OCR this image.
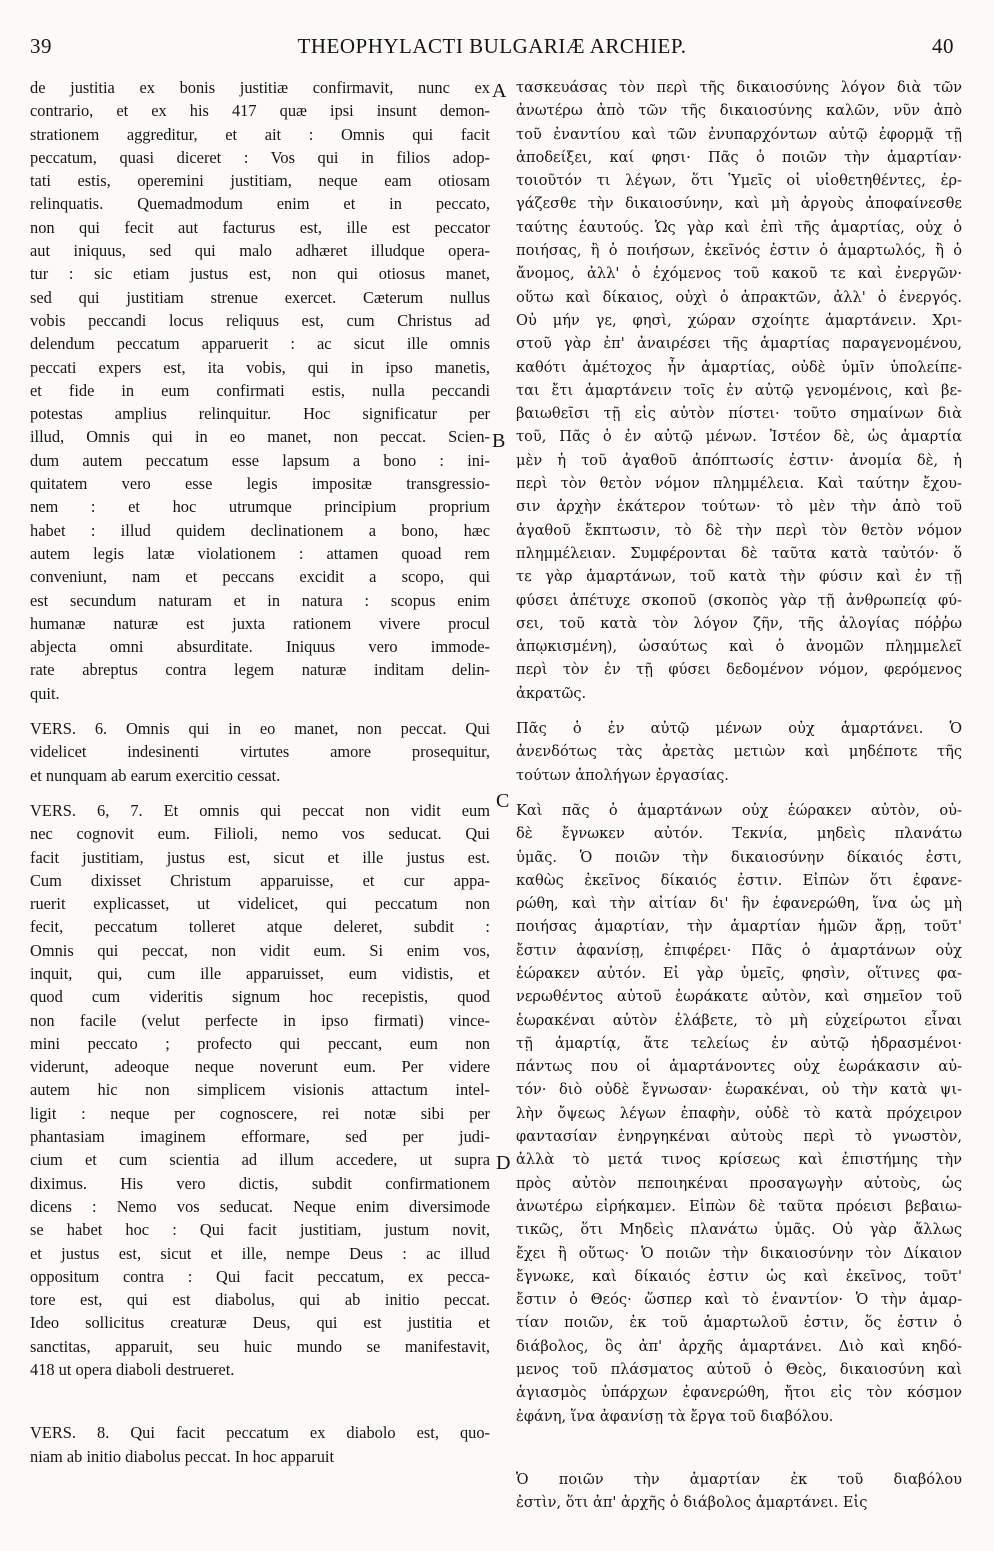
39	THEOPHYLACTI BULGARIÆ ARCHIEP.	40
de justitia ex bonis justitiæ confirmavit, nunc ex
contrario, et ex his 417 quæ ipsi insunt demon-
strationem aggreditur, et ait : Omnis qui facit
peccatum, quasi diceret : Vos qui in filios adop-
tati estis, operemini justitiam, neque eam otiosam
relinquatis. Quemadmodum enim et in peccato,
non qui fecit aut facturus est, ille est peccator
aut iniquus, sed qui malo adhæret illudque opera-
tur : sic etiam justus est, non qui otiosus manet,
sed qui justitiam strenue exercet. Cæterum nullus
vobis peccandi locus reliquus est, cum Christus ad
delendum peccatum apparuerit : ac sicut ille omnis
peccati expers est, ita vobis, qui in ipso manetis,
et fide in eum confirmati estis, nulla peccandi
potestas amplius relinquitur. Hoc significatur per
illud, Omnis qui in eo manet, non peccat. Scien-
dum autem peccatum esse lapsum a bono : ini-
quitatem vero esse legis impositæ transgressio-
nem : et hoc utrumque principium proprium
habet : illud quidem declinationem a bono, hæc
autem legis latæ violationem : attamen quoad rem
conveniunt, nam et peccans excidit a scopo, qui
est secundum naturam et in natura : scopus enim
humanæ naturæ est juxta rationem vivere procul
abjecta omni absurditate. Iniquus vero immode-
rate abreptus contra legem naturæ inditam delin-
quit.
VERS. 6. Omnis qui in eo manet, non peccat. Qui
videlicet indesinenti virtutes amore prosequitur,
et nunquam ab earum exercitio cessat.
VERS. 6, 7. Et omnis qui peccat non vidit eum
nec cognovit eum. Filioli, nemo vos seducat. Qui
facit justitiam, justus est, sicut et ille justus est.
Cum dixisset Christum apparuisse, et cur appa-
ruerit explicasset, ut videlicet, qui peccatum non
fecit, peccatum tolleret atque deleret, subdit :
Omnis qui peccat, non vidit eum. Si enim vos,
inquit, qui, cum ille apparuisset, eum vidistis, et
quod cum videritis signum hoc recepistis, quod
non facile (velut perfecte in ipso firmati) vince-
mini peccato ; profecto qui peccant, eum non
viderunt, adeoque neque noverunt eum. Per videre
autem hic non simplicem visionis attactum intel-
ligit : neque per cognoscere, rei notæ sibi per
phantasiam imaginem efformare, sed per judi-
cium et cum scientia ad illum accedere, ut supra
diximus. His vero dictis, subdit confirmationem
dicens : Nemo vos seducat. Neque enim diversimode
se habet hoc : Qui facit justitiam, justum novit,
et justus est, sicut et ille, nempe Deus : ac illud
oppositum contra : Qui facit peccatum, ex pecca-
tore est, qui est diabolus, qui ab initio peccat.
Ideo sollicitus creaturæ Deus, qui est justitia et
sanctitas, apparuit, seu huic mundo se manifestavit,
418 ut opera diaboli destrueret.
VERS. 8. Qui facit peccatum ex diabolo est, quo-
niam ab initio diabolus peccat. In hoc apparuit
τασκευάσας τὸν περὶ τῆς δικαιοσύνης λόγον διὰ τῶν
ἀνωτέρω ἀπὸ τῶν τῆς δικαιοσύνης καλῶν, νῦν ἀπὸ
τοῦ ἐναντίου καὶ τῶν ἐνυπαρχόντων αὐτῷ ἐφορμᾷ τῇ
ἀποδείξει, καί φησι· Πᾶς ὁ ποιῶν τὴν ἁμαρτίαν·
τοιοῦτόν τι λέγων, ὅτι Ὑμεῖς οἱ υἱοθετηθέντες, ἐρ-
γάζεσθε τὴν δικαιοσύνην, καὶ μὴ ἀργοὺς ἀποφαίνεσθε
ταύτης ἑαυτούς. Ὡς γὰρ καὶ ἐπὶ τῆς ἁμαρτίας, οὐχ ὁ
ποιήσας, ἢ ὁ ποιήσων, ἐκεῖνός ἐστιν ὁ ἁμαρτωλός, ἢ ὁ
ἄνομος, ἀλλ' ὁ ἐχόμενος τοῦ κακοῦ τε καὶ ἐνεργῶν·
οὕτω καὶ δίκαιος, οὐχὶ ὁ ἀπρακτῶν, ἀλλ' ὁ ἐνεργός.
Οὐ μήν γε, φησὶ, χώραν σχοίητε ἁμαρτάνειν. Χρι-
στοῦ γὰρ ἐπ' ἀναιρέσει τῆς ἁμαρτίας παραγενομένου,
καθότι ἀμέτοχος ἦν ἁμαρτίας, οὐδὲ ὑμῖν ὑπολείπε-
ται ἔτι ἁμαρτάνειν τοῖς ἐν αὐτῷ γενομένοις, καὶ βε-
βαιωθεῖσι τῇ εἰς αὐτὸν πίστει· τοῦτο σημαίνων διὰ
τοῦ, Πᾶς ὁ ἐν αὐτῷ μένων. Ἰστέον δὲ, ὡς ἁμαρτία
μὲν ἡ τοῦ ἀγαθοῦ ἀπόπτωσίς ἐστιν· ἀνομία δὲ, ἡ
περὶ τὸν θετὸν νόμον πλημμέλεια. Καὶ ταύτην ἔχου-
σιν ἀρχὴν ἑκάτερον τούτων· τὸ μὲν τὴν ἀπὸ τοῦ
ἀγαθοῦ ἔκπτωσιν, τὸ δὲ τὴν περὶ τὸν θετὸν νόμον
πλημμέλειαν. Συμφέρονται δὲ ταῦτα κατὰ ταὐτόν· ὅ
τε γὰρ ἁμαρτάνων, τοῦ κατὰ τὴν φύσιν καὶ ἐν τῇ
φύσει ἀπέτυχε σκοποῦ (σκοπὸς γὰρ τῇ ἀνθρωπείᾳ φύ-
σει, τοῦ κατὰ τὸν λόγον ζῆν, τῆς ἀλογίας πόῤῥω
ἀπῳκισμένη), ὡσαύτως καὶ ὁ ἀνομῶν πλημμελεῖ
περὶ τὸν ἐν τῇ φύσει δεδομένον νόμον, φερόμενος
ἀκρατῶς.
Πᾶς ὁ ἐν αὐτῷ μένων οὐχ ἁμαρτάνει. Ὁ
ἀνενδότως τὰς ἀρετὰς μετιὼν καὶ μηδέποτε τῆς
τούτων ἀπολήγων ἐργασίας.
Καὶ πᾶς ὁ ἁμαρτάνων οὐχ ἑώρακεν αὐτὸν, οὐ-
δὲ ἔγνωκεν αὐτόν. Τεκνία, μηδεὶς πλανάτω
ὑμᾶς. Ὁ ποιῶν τὴν δικαιοσύνην δίκαιός ἐστι,
καθὼς ἐκεῖνος δίκαιός ἐστιν. Εἰπὼν ὅτι ἐφανε-
ρώθη, καὶ τὴν αἰτίαν δι' ἣν ἐφανερώθη, ἵνα ὡς μὴ
ποιήσας ἁμαρτίαν, τὴν ἁμαρτίαν ἡμῶν ἄρῃ, τοῦτ'
ἔστιν ἀφανίσῃ, ἐπιφέρει· Πᾶς ὁ ἁμαρτάνων οὐχ
ἑώρακεν αὐτόν. Εἰ γὰρ ὑμεῖς, φησὶν, οἵτινες φα-
νερωθέντος αὐτοῦ ἑωράκατε αὐτὸν, καὶ σημεῖον τοῦ
ἑωρακέναι αὐτὸν ἐλάβετε, τὸ μὴ εὐχείρωτοι εἶναι
τῇ ἁμαρτίᾳ, ἅτε τελείως ἐν αὐτῷ ἡδρασμένοι·
πάντως που οἱ ἁμαρτάνοντες οὐχ ἑωράκασιν αὐ-
τόν· διὸ οὐδὲ ἔγνωσαν· ἑωρακέναι, οὐ τὴν κατὰ ψι-
λὴν ὄψεως λέγων ἐπαφὴν, οὐδὲ τὸ κατὰ πρόχειρον
φαντασίαν ἐνηργηκέναι αὐτοὺς περὶ τὸ γνωστὸν,
ἀλλὰ τὸ μετά τινος κρίσεως καὶ ἐπιστήμης τὴν
πρὸς αὐτὸν πεποιηκέναι προσαγωγὴν αὐτοὺς, ὡς
ἀνωτέρω εἰρήκαμεν. Εἰπὼν δὲ ταῦτα πρόεισι βεβαιω-
τικῶς, ὅτι Μηδεὶς πλανάτω ὑμᾶς. Οὐ γὰρ ἄλλως
ἔχει ἢ οὕτως· Ὁ ποιῶν τὴν δικαιοσύνην τὸν Δίκαιον
ἔγνωκε, καὶ δίκαιός ἐστιν ὡς καὶ ἐκεῖνος, τοῦτ'
ἔστιν ὁ Θεός· ὥσπερ καὶ τὸ ἐναντίον· Ὁ τὴν ἁμαρ-
τίαν ποιῶν, ἐκ τοῦ ἁμαρτωλοῦ ἐστιν, ὅς ἐστιν ὁ
διάβολος, ὃς ἀπ' ἀρχῆς ἁμαρτάνει. Διὸ καὶ κηδό-
μενος τοῦ πλάσματος αὐτοῦ ὁ Θεὸς, δικαιοσύνη καὶ
ἁγιασμὸς ὑπάρχων ἐφανερώθη, ἤτοι εἰς τὸν κόσμον
ἐφάνη, ἵνα ἀφανίσῃ τὰ ἔργα τοῦ διαβόλου.
Ὁ ποιῶν τὴν ἁμαρτίαν ἐκ τοῦ διαβόλου
ἐστὶν, ὅτι ἀπ' ἀρχῆς ὁ διάβολος ἁμαρτάνει. Εἰς
A
B
C
D
